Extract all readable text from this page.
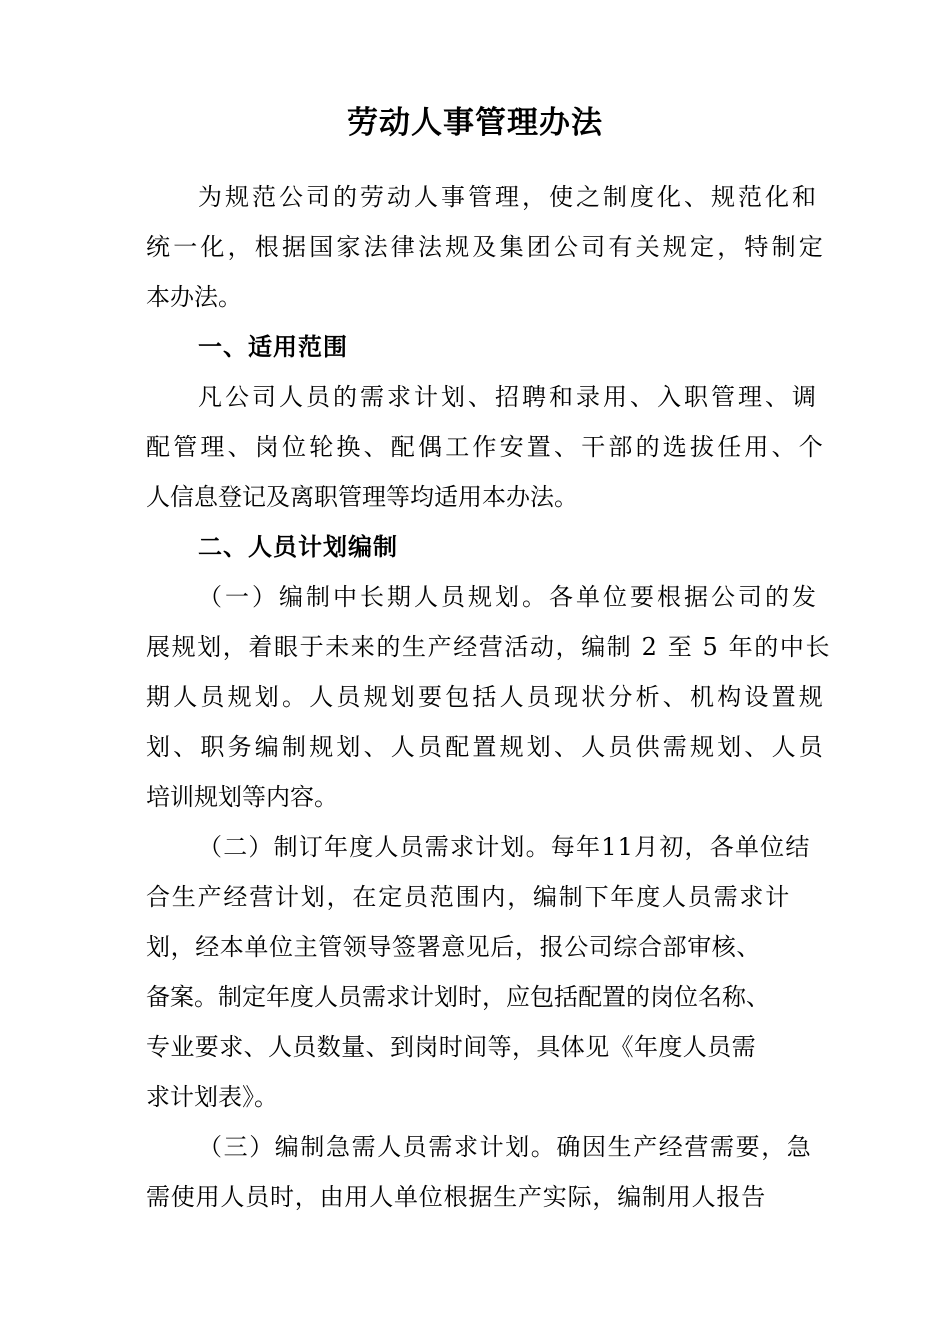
劳动人事管理办法
为规范公司的劳动人事管理，使之制度化、规范化和
统一化，根据国家法律法规及集团公司有关规定，特制定
本办法。
一、适用范围
凡公司人员的需求计划、招聘和录用、入职管理、调
配管理、岗位轮换、配偶工作安置、干部的选拔任用、个
人信息登记及离职管理等均适用本办法。
二、人员计划编制
（一）编制中长期人员规划。各单位要根据公司的发
展规划，着眼于未来的生产经营活动，编制 2 至 5 年的中长
期人员规划。人员规划要包括人员现状分析、机构设置规
划、职务编制规划、人员配置规划、人员供需规划、人员
培训规划等内容。
（二）制订年度人员需求计划。每年11月初，各单位结
合生产经营计划，在定员范围内，编制下年度人员需求计
划，经本单位主管领导签署意见后，报公司综合部审核、
备案。制定年度人员需求计划时，应包括配置的岗位名称、
专业要求、人员数量、到岗时间等，具体见《年度人员需
求计划表》。
（三）编制急需人员需求计划。确因生产经营需要，急
需使用人员时，由用人单位根据生产实际，编制用人报告
